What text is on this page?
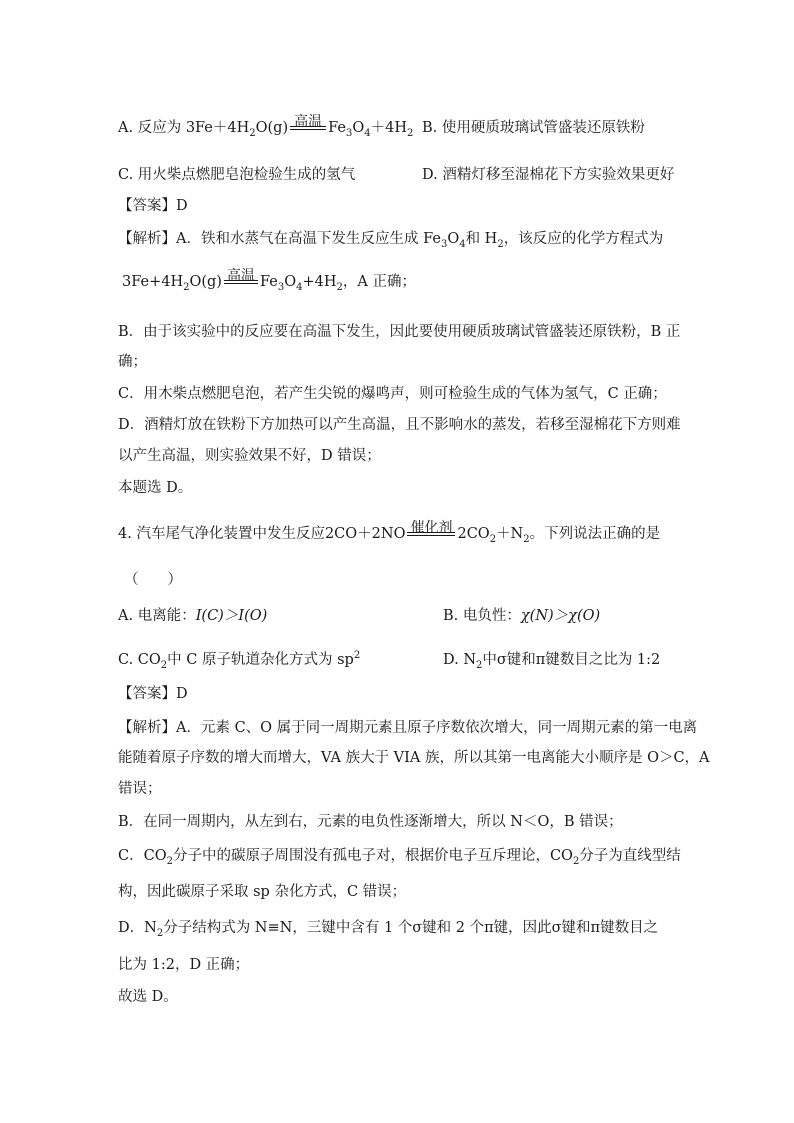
A. 反应为 $3Fe+4H_2O(g)$ 高温 $Fe_3O_4+4H_2$ B. 使用硬质玻璃试管盛装还原铁粉
C. 用火柴点燃肥皂泡检验生成的氢气	D. 酒精灯移至湿棉花下方实验效果更好
【答案】D
【解析】A．铁和水蒸气在高温下发生反应生成 $Fe_3O_4$和 $H_2$，该反应的化学方程式为
$3Fe+4H_2O(g)$ 高温 $Fe_3O_4+4H_2$，A 正确；
B．由于该实验中的反应要在高温下发生，因此要使用硬质玻璃试管盛装还原铁粉，B 正
确；
C．用木柴点燃肥皂泡，若产生尖锐的爆鸣声，则可检验生成的气体为氢气，C 正确；
D．酒精灯放在铁粉下方加热可以产生高温，且不影响水的蒸发，若移至湿棉花下方则难
以产生高温，则实验效果不好，D 错误；
本题选 D。
4. 汽车尾气净化装置中发生反应2CO＋2NO 催化剂 $2CO_2+N_2$。下列说法正确的是
（　　）
A. 电离能：I(C)＞I(O)	B. 电负性：χ(N)＞χ(O)
C. $CO_2$中 C 原子轨道杂化方式为 $sp^2$	D. $N_2$中σ键和π键数目之比为 1:2
【答案】D
【解析】A．元素 C、O 属于同一周期元素且原子序数依次增大，同一周期元素的第一电离
能随着原子序数的增大而增大，VA 族大于 VIA 族，所以其第一电离能大小顺序是 O＞C，A
错误；
B．在同一周期内，从左到右，元素的电负性逐渐增大，所以 N＜O，B 错误；
C．$CO_2$分子中的碳原子周围没有孤电子对，根据价电子互斥理论，$CO_2$分子为直线型结
构，因此碳原子采取 sp 杂化方式，C 错误；
D．$N_2$分子结构式为 N≡N，三键中含有 1 个σ键和 2 个π键，因此σ键和π键数目之
比为 1:2，D 正确；
故选 D。
